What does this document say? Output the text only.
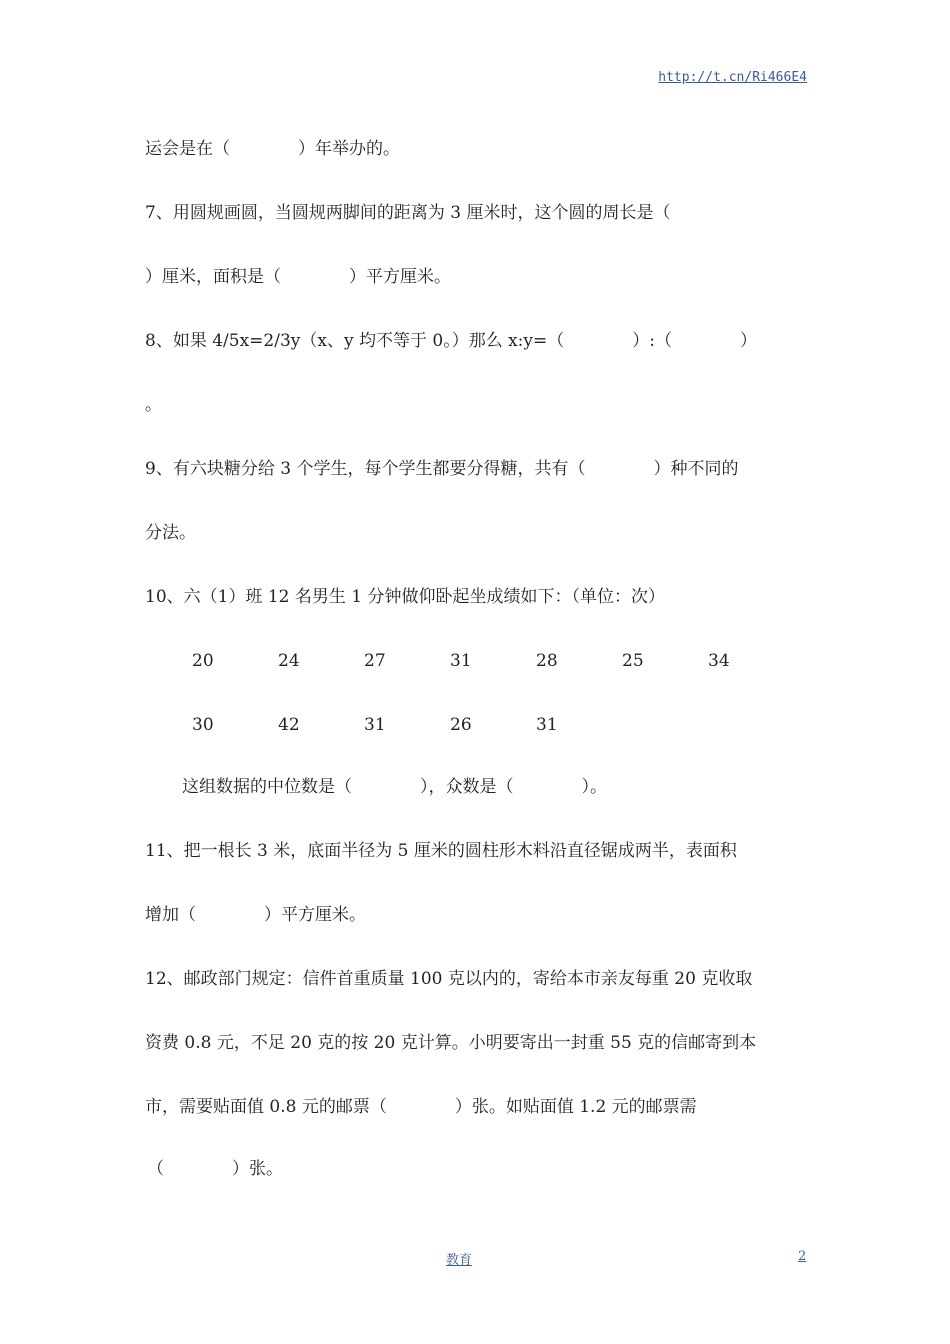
http://t.cn/Ri466E4
运会是在（　　　　）年举办的。
7、用圆规画圆，当圆规两脚间的距离为 3 厘米时，这个圆的周长是（
）厘米，面积是（　　　　）平方厘米。
8、如果 4/5x=2/3y（x、y 均不等于 0。）那么 x:y=（　　　　）:（　　　　）
。
9、有六块糖分给 3 个学生，每个学生都要分得糖，共有（　　　　）种不同的
分法。
10、六（1）班 12 名男生 1 分钟做仰卧起坐成绩如下：（单位：次）
20	24	27	31	28	25	34
30	42	31	26	31
这组数据的中位数是（　　　　），众数是（　　　　）。
11、把一根长 3 米，底面半径为 5 厘米的圆柱形木料沿直径锯成两半，表面积
增加（　　　　）平方厘米。
12、邮政部门规定：信件首重质量 100 克以内的，寄给本市亲友每重 20 克收取
资费 0.8 元，不足 20 克的按 20 克计算。小明要寄出一封重 55 克的信邮寄到本
市，需要贴面值 0.8 元的邮票（　　　　）张。如贴面值 1.2 元的邮票需
（　　　　）张。
教育	2
